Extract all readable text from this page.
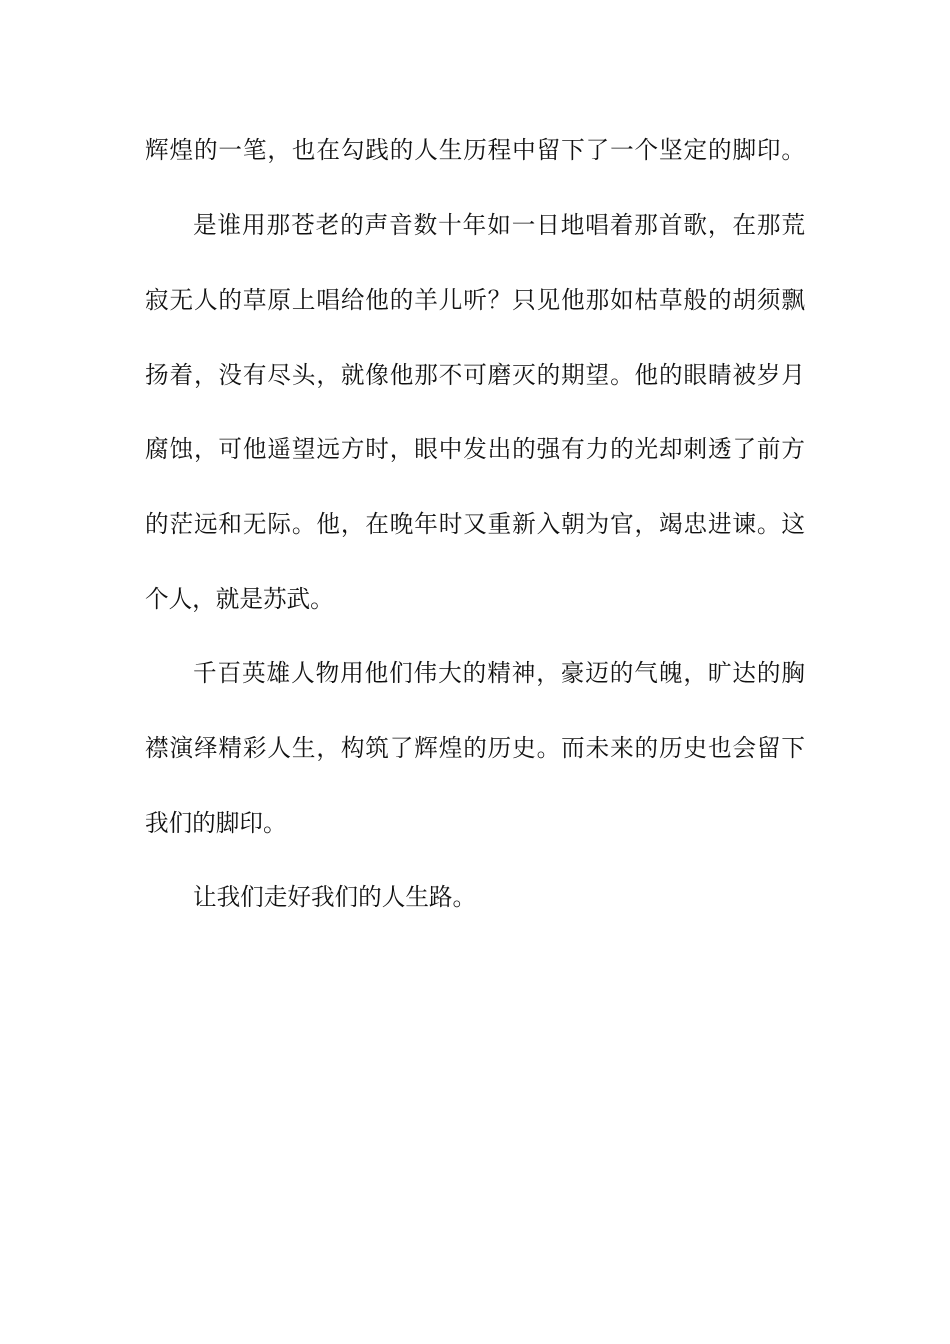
辉煌的一笔，也在勾践的人生历程中留下了一个坚定的脚印。
是谁用那苍老的声音数十年如一日地唱着那首歌，在那荒
寂无人的草原上唱给他的羊儿听？只见他那如枯草般的胡须飘
扬着，没有尽头，就像他那不可磨灭的期望。他的眼睛被岁月
腐蚀，可他遥望远方时，眼中发出的强有力的光却刺透了前方
的茫远和无际。他，在晚年时又重新入朝为官，竭忠进谏。这
个人，就是苏武。
千百英雄人物用他们伟大的精神，豪迈的气魄，旷达的胸
襟演绎精彩人生，构筑了辉煌的历史。而未来的历史也会留下
我们的脚印。
让我们走好我们的人生路。
